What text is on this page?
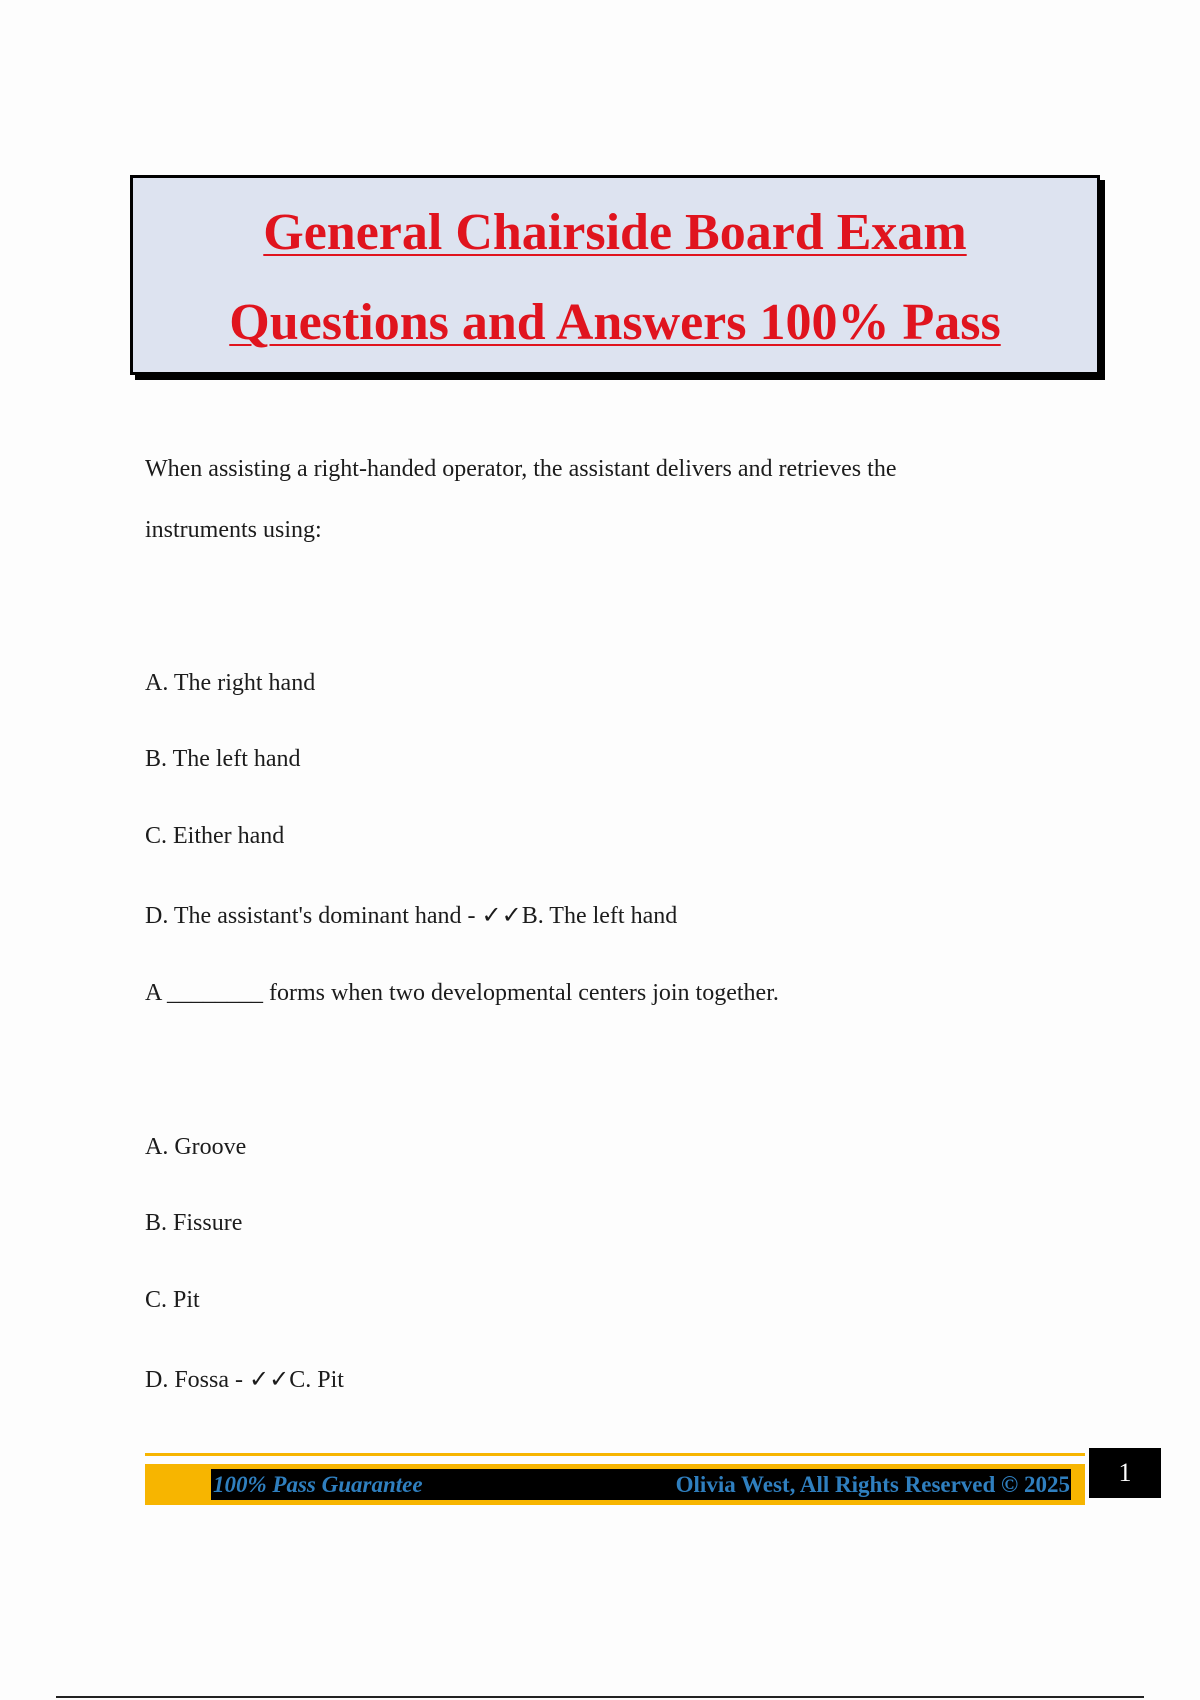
General Chairside Board Exam
Questions and Answers 100% Pass
When assisting a right-handed operator, the assistant delivers and retrieves the
instruments using:
A. The right hand
B. The left hand
C. Either hand
D. The assistant's dominant hand - ✓✓B. The left hand
A ________ forms when two developmental centers join together.
A. Groove
B. Fissure
C. Pit
D. Fossa - ✓✓C. Pit
100% Pass Guarantee	Olivia West, All Rights Reserved © 2025	1
